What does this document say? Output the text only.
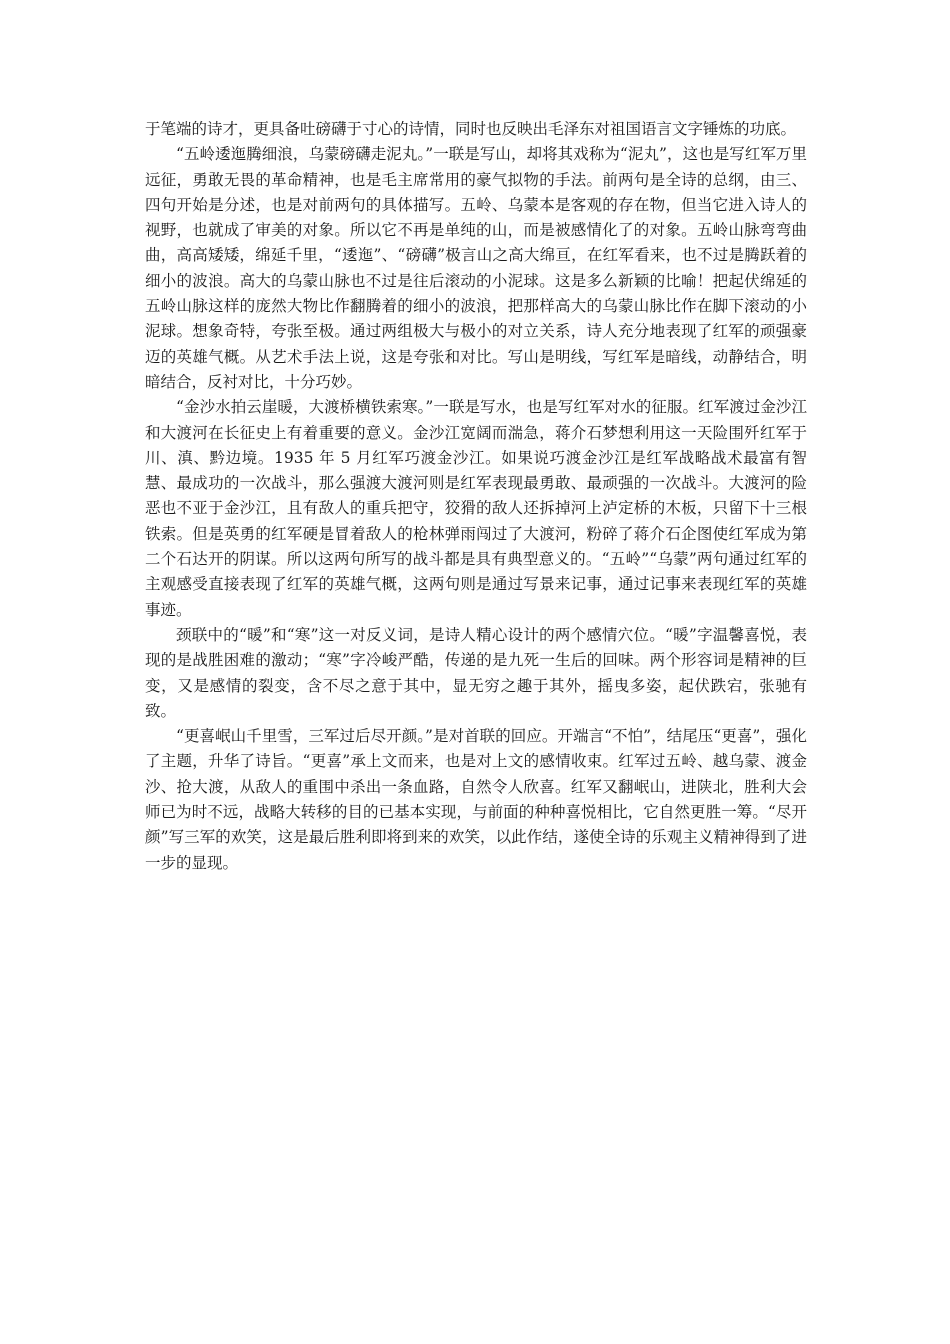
于笔端的诗才，更具备吐磅礴于寸心的诗情，同时也反映出毛泽东对祖国语言文字锤炼的功底。

“五岭逶迤腾细浪，乌蒙磅礴走泥丸。”一联是写山，却将其戏称为“泥丸”，这也是写红军万里远征，勇敢无畏的革命精神，也是毛主席常用的豪气拟物的手法。前两句是全诗的总纲，由三、四句开始是分述，也是对前两句的具体描写。五岭、乌蒙本是客观的存在物，但当它进入诗人的视野，也就成了审美的对象。所以它不再是单纯的山，而是被感情化了的对象。五岭山脉弯弯曲曲，高高矮矮，绵延千里，“逶迤”、“磅礴”极言山之高大绵亘，在红军看来，也不过是腾跃着的细小的波浪。高大的乌蒙山脉也不过是往后滚动的小泥球。这是多么新颖的比喻！把起伏绵延的五岭山脉这样的庞然大物比作翻腾着的细小的波浪，把那样高大的乌蒙山脉比作在脚下滚动的小泥球。想象奇特，夸张至极。通过两组极大与极小的对立关系，诗人充分地表现了红军的顽强豪迈的英雄气概。从艺术手法上说，这是夸张和对比。写山是明线，写红军是暗线，动静结合，明暗结合，反衬对比，十分巧妙。

“金沙水拍云崖暖，大渡桥横铁索寒。”一联是写水，也是写红军对水的征服。红军渡过金沙江和大渡河在长征史上有着重要的意义。金沙江宽阔而湍急，蒋介石梦想利用这一天险围歼红军于川、滇、黔边境。1935 年 5 月红军巧渡金沙江。如果说巧渡金沙江是红军战略战术最富有智慧、最成功的一次战斗，那么强渡大渡河则是红军表现最勇敢、最顽强的一次战斗。大渡河的险恶也不亚于金沙江，且有敌人的重兵把守，狡猾的敌人还拆掉河上泸定桥的木板，只留下十三根铁索。但是英勇的红军硬是冒着敌人的枪林弹雨闯过了大渡河，粉碎了蒋介石企图使红军成为第二个石达开的阴谋。所以这两句所写的战斗都是具有典型意义的。“五岭”“乌蒙”两句通过红军的主观感受直接表现了红军的英雄气概，这两句则是通过写景来记事，通过记事来表现红军的英雄事迹。

颈联中的“暖”和“寒”这一对反义词，是诗人精心设计的两个感情穴位。“暖”字温馨喜悦，表现的是战胜困难的激动；“寒”字冷峻严酷，传递的是九死一生后的回味。两个形容词是精神的巨变，又是感情的裂变，含不尽之意于其中，显无穷之趣于其外，摇曳多姿，起伏跌宕，张驰有致。

“更喜岷山千里雪，三军过后尽开颜。”是对首联的回应。开端言“不怕”，结尾压“更喜”，强化了主题，升华了诗旨。“更喜”承上文而来，也是对上文的感情收束。红军过五岭、越乌蒙、渡金沙、抢大渡，从敌人的重围中杀出一条血路，自然令人欣喜。红军又翻岷山，进陕北，胜利大会师已为时不远，战略大转移的目的已基本实现，与前面的种种喜悦相比，它自然更胜一筹。“尽开颜”写三军的欢笑，这是最后胜利即将到来的欢笑，以此作结，遂使全诗的乐观主义精神得到了进一步的显现。
